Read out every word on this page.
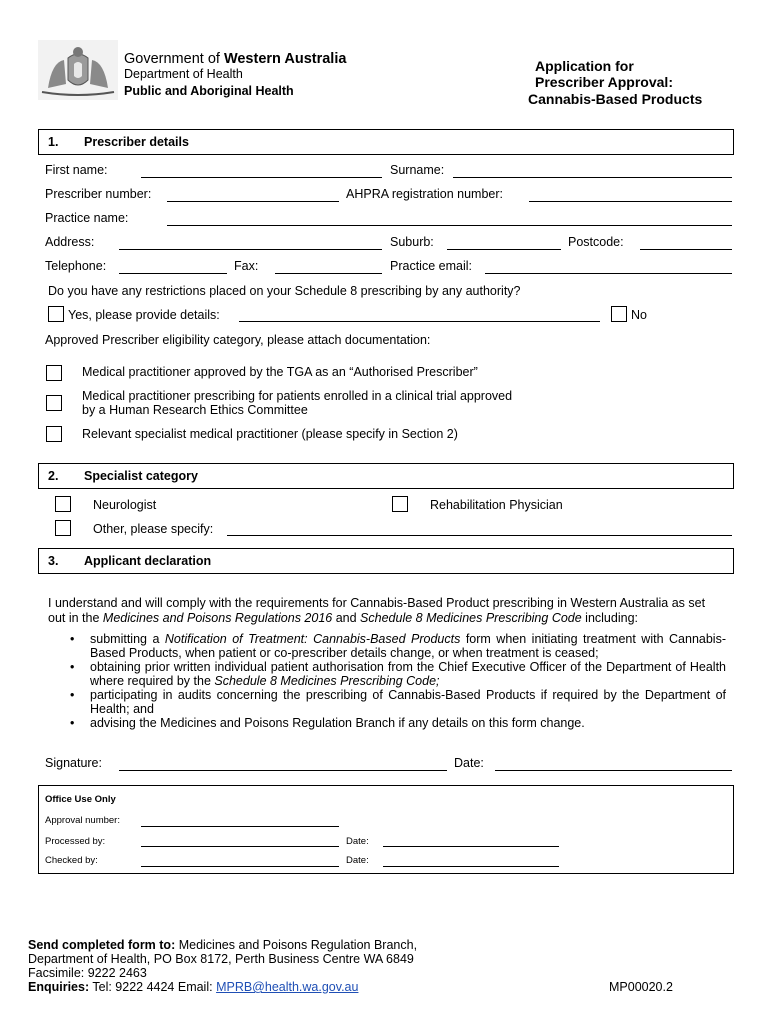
Government of Western Australia
Department of Health
Public and Aboriginal Health
Application for
Prescriber Approval:
Cannabis-Based Products
1. Prescriber details
First name:	Surname:
Prescriber number:	AHPRA registration number:
Practice name:
Address:	Suburb:	Postcode:
Telephone:	Fax:	Practice email:
Do you have any restrictions placed on your Schedule 8 prescribing by any authority?
Yes, please provide details:	No
Approved Prescriber eligibility category, please attach documentation:
Medical practitioner approved by the TGA as an “Authorised Prescriber”
Medical practitioner prescribing for patients enrolled in a clinical trial approved
by a Human Research Ethics Committee
Relevant specialist medical practitioner (please specify in Section 2)
2. Specialist category
Neurologist	Rehabilitation Physician
Other, please specify:
3. Applicant declaration
I understand and will comply with the requirements for Cannabis-Based Product prescribing in Western Australia as set
out in the Medicines and Poisons Regulations 2016 and Schedule 8 Medicines Prescribing Code including:
• submitting a Notification of Treatment: Cannabis-Based Products form when initiating treatment with Cannabis-Based Products, when patient or co-prescriber details change, or when treatment is ceased;
• obtaining prior written individual patient authorisation from the Chief Executive Officer of the Department of Health where required by the Schedule 8 Medicines Prescribing Code;
• participating in audits concerning the prescribing of Cannabis-Based Products if required by the Department of Health; and
• advising the Medicines and Poisons Regulation Branch if any details on this form change.
Signature:	Date:
Office Use Only
Approval number:
Processed by:	Date:
Checked by:	Date:
Send completed form to: Medicines and Poisons Regulation Branch,
Department of Health, PO Box 8172, Perth Business Centre WA 6849
Facsimile: 9222 2463
Enquiries: Tel: 9222 4424 Email: MPRB@health.wa.gov.au	MP00020.2
